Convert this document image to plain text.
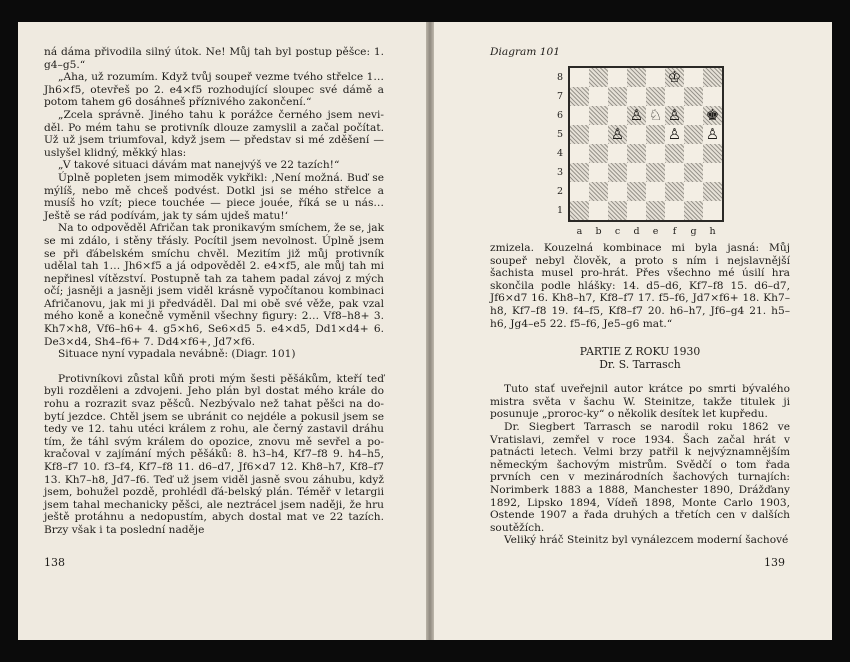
ná dáma přivodila silný útok. Ne! Můj tah byl postup pěšce: 1. g4–g5.“

„Aha, už rozumím. Když tvůj soupeř vezme tvého střelce 1… Jh6×f5, otevřeš po 2. e4×f5 rozhodující sloupec své dámě a potom tahem g6 dosáhneš příznivého zakončení.“

„Zcela správně. Jiného tahu k porážce černého jsem nevi-děl. Po mém tahu se protivník dlouze zamyslil a začal počítat. Už už jsem triumfoval, když jsem — představ si mé zděšení — uslyšel klidný, měkký hlas:

„V takové situaci dávám mat nanejvýš ve 22 tazích!“

Úplně popleten jsem mimoděk vykřikl: ‚Není možná. Buď se mýlíš, nebo mě chceš podvést. Dotkl jsi se mého střelce a musíš ho vzít; piece touchée — piece jouée, říká se u nás… Ještě se rád podívám, jak ty sám ujdeš matu!‘

Na to odpověděl Afričan tak pronikavým smíchem, že se, jak se mi zdálo, i stěny třásly. Pocítil jsem nevolnost. Úplně jsem se při ďábelském smíchu chvěl. Mezitím již můj protivník udělal tah 1… Jh6×f5 a já odpověděl 2. e4×f5, ale můj tah mi nepřinesl vítězství. Postupně tah za tahem padal závoj z mých očí; jasněji a jasněji jsem viděl krásně vypočítanou kombinaci Afričanovu, jak mi ji předváděl. Dal mi obě své věže, pak vzal mého koně a konečně vyměnil všechny figury: 2… Vf8–h8+ 3. Kh7×h8, Vf6–h6+ 4. g5×h6, Se6×d5 5. e4×d5, Dd1×d4+ 6. De3×d4, Sh4–f6+ 7. Dd4×f6+, Jd7×f6.

Situace nyní vypadala nevábně: (Diagr. 101)

Protivníkovi zůstal kůň proti mým šesti pěšákům, kteří teď byli rozděleni a zdvojeni. Jeho plán byl dostat mého krále do rohu a rozrazit svaz pěšců. Nezbývalo než tahat pěšci na do-bytí jezdce. Chtěl jsem se ubránit co nejdéle a pokusil jsem se tedy ve 12. tahu utéci králem z rohu, ale černý zastavil dráhu tím, že táhl svým králem do opozice, znovu mě sevřel a po-kračoval v zajímání mých pěšáků: 8. h3–h4, Kf7–f8 9. h4–h5, Kf8–f7 10. f3–f4, Kf7–f8 11. d6–d7, Jf6×d7 12. Kh8–h7, Kf8–f7 13. Kh7–h8, Jd7–f6. Teď už jsem viděl jasně svou záhubu, když jsem, bohužel pozdě, prohlédl ďá-belský plán. Téměř v letargii jsem tahal mechanicky pěšci, ale neztrácel jsem naději, že hru ještě protáhnu a nedopustím, abych dostal mat ve 22 tazích. Brzy však i ta poslední naděje

138
Diagram 101
8
7
6
5
4
3
2
1
♔
♙ ♘ ♙ ♚
♙	♙ ♙
a	b	c	d	e	f	g	h

zmizela. Kouzelná kombinace mi byla jasná: Můj soupeř nebyl člověk, a proto s ním i nejslavnější šachista musel pro-hrát. Přes všechno mé úsilí hra skončila podle hlášky: 14. d5–d6, Kf7–f8 15. d6–d7, Jf6×d7 16. Kh8–h7, Kf8–f7 17. f5–f6, Jd7×f6+ 18. Kh7–h8, Kf7–f8 19. f4–f5, Kf8–f7 20. h6–h7, Jf6–g4 21. h5–h6, Jg4–e5 22. f5–f6, Je5–g6 mat.“

PARTIE Z ROKU 1930

Dr. S. Tarrasch

Tuto stať uveřejnil autor krátce po smrti bývalého mistra světa v šachu W. Steinitze, takže titulek ji posunuje „proroc-ky“ o několik desítek let kupředu.

Dr. Siegbert Tarrasch se narodil roku 1862 ve Vratislavi, zemřel v roce 1934. Šach začal hrát v patnácti letech. Velmi brzy patřil k nejvýznamnějším německým šachovým mistrům. Svědčí o tom řada prvních cen v mezinárodních šachových turnajích: Norimberk 1883 a 1888, Manchester 1890, Drážďany 1892, Lipsko 1894, Vídeň 1898, Monte Carlo 1903, Ostende 1907 a řada druhých a třetích cen v dalších soutěžích.

Veliký hráč Steinitz byl vynálezcem moderní šachové

139
